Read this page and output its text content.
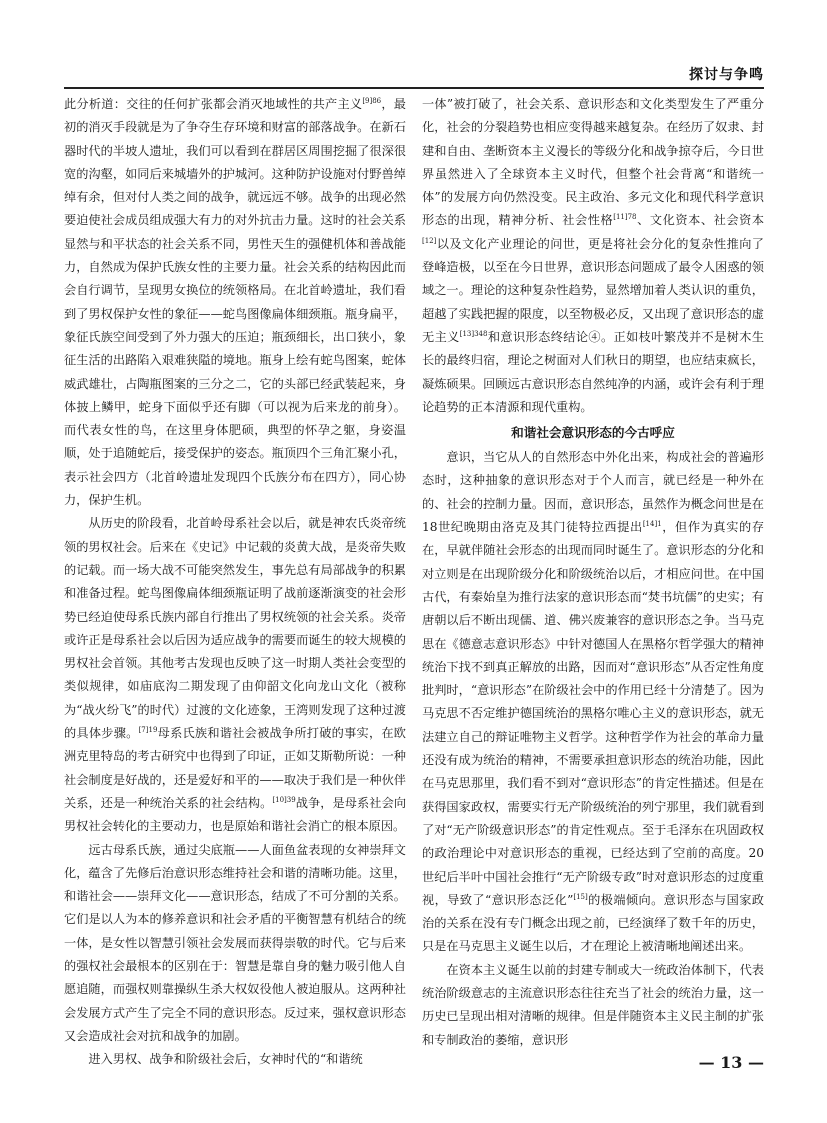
探讨与争鸣

此分析道：交往的任何扩张都会消灭地域性的共产主义$^{[9]86}$，最初的消灭手段就是为了争夺生存环境和财富的部落战争。在新石器时代的半坡人遗址，我们可以看到在群居区周围挖掘了很深很宽的沟壑，如同后来城墙外的护城河。这种防护设施对付野兽绰绰有余，但对付人类之间的战争，就远远不够。战争的出现必然要迫使社会成员组成强大有力的对外抗击力量。这时的社会关系显然与和平状态的社会关系不同，男性天生的强健机体和善战能力，自然成为保护氏族女性的主要力量。社会关系的结构因此而会自行调节，呈现男女换位的统领格局。在北首岭遗址，我们看到了男权保护女性的象征——蛇鸟图像扁体细颈瓶。瓶身扁平，象征氏族空间受到了外力强大的压迫；瓶颈细长，出口狭小，象征生活的出路陷入艰难狭隘的境地。瓶身上绘有蛇鸟图案，蛇体威武雄壮，占陶瓶图案的三分之二，它的头部已经武装起来，身体披上鳞甲，蛇身下面似乎还有脚（可以视为后来龙的前身）。而代表女性的鸟，在这里身体肥硕，典型的怀孕之躯，身姿温顺，处于追随蛇后，接受保护的姿态。瓶顶四个三角汇聚小孔，表示社会四方（北首岭遗址发现四个氏族分布在四方），同心协力，保护生机。

从历史的阶段看，北首岭母系社会以后，就是神农氏炎帝统领的男权社会。后来在《史记》中记载的炎黄大战，是炎帝失败的记载。而一场大战不可能突然发生，事先总有局部战争的积累和准备过程。蛇鸟图像扁体细颈瓶证明了战前逐渐演变的社会形势已经迫使母系氏族内部自行推出了男权统领的社会关系。炎帝或许正是母系社会以后因为适应战争的需要而诞生的较大规模的男权社会首领。其他考古发现也反映了这一时期人类社会变型的类似规律，如庙底沟二期发现了由仰韶文化向龙山文化（被称为“战火纷飞”的时代）过渡的文化迹象，王湾则发现了这种过渡的具体步骤。$^{[7]19}$母系氏族和谐社会被战争所打破的事实，在欧洲克里特岛的考古研究中也得到了印证，正如艾斯勒所说：一种社会制度是好战的，还是爱好和平的——取决于我们是一种伙伴关系，还是一种统治关系的社会结构。$^{[10]39}$战争，是母系社会向男权社会转化的主要动力，也是原始和谐社会消亡的根本原因。

远古母系氏族，通过尖底瓶——人面鱼盆表现的女神崇拜文化，蕴含了先修后治意识形态维持社会和谐的清晰功能。这里，和谐社会——崇拜文化——意识形态，结成了不可分割的关系。它们是以人为本的修养意识和社会矛盾的平衡智慧有机结合的统一体，是女性以智慧引领社会发展而获得崇敬的时代。它与后来的强权社会最根本的区别在于：智慧是靠自身的魅力吸引他人自愿追随，而强权则靠操纵生杀大权奴役他人被迫服从。这两种社会发展方式产生了完全不同的意识形态。反过来，强权意识形态又会造成社会对抗和战争的加剧。

进入男权、战争和阶级社会后，女神时代的“和谐统

一体”被打破了，社会关系、意识形态和文化类型发生了严重分化，社会的分裂趋势也相应变得越来越复杂。在经历了奴隶、封建和自由、垄断资本主义漫长的等级分化和战争掠夺后，今日世界虽然进入了全球资本主义时代，但整个社会背离“和谐统一体”的发展方向仍然没变。民主政治、多元文化和现代科学意识形态的出现，精神分析、社会性格$^{[11]78}$、文化资本、社会资本[12]以及文化产业理论的问世，更是将社会分化的复杂性推向了登峰造极，以至在今日世界，意识形态问题成了最令人困惑的领域之一。理论的这种复杂性趋势，显然增加着人类认识的重负，超越了实践把握的限度，以至物极必反，又出现了意识形态的虚无主义$^{[13]348}$和意识形态终结论④。正如枝叶繁茂并不是树木生长的最终归宿，理论之树面对人们秋日的期望，也应结束疯长，凝炼硕果。回顾远古意识形态自然纯净的内涵，或许会有利于理论趋势的正本清源和现代重构。

和谐社会意识形态的今古呼应

意识，当它从人的自然形态中外化出来，构成社会的普遍形态时，这种抽象的意识形态对于个人而言，就已经是一种外在的、社会的控制力量。因而，意识形态，虽然作为概念问世是在18世纪晚期由洛克及其门徒特拉西提出$^{[14]1}$，但作为真实的存在，早就伴随社会形态的出现而同时诞生了。意识形态的分化和对立则是在出现阶级分化和阶级统治以后，才相应问世。在中国古代，有秦始皇为推行法家的意识形态而“焚书坑儒”的史实；有唐朝以后不断出现儒、道、佛兴废兼容的意识形态之争。当马克思在《德意志意识形态》中针对德国人在黑格尔哲学强大的精神统治下找不到真正解放的出路，因而对“意识形态”从否定性角度批判时，“意识形态”在阶级社会中的作用已经十分清楚了。因为马克思不否定维护德国统治的黑格尔唯心主义的意识形态，就无法建立自己的辩证唯物主义哲学。这种哲学作为社会的革命力量还没有成为统治的精神，不需要承担意识形态的统治功能，因此在马克思那里，我们看不到对“意识形态”的肯定性描述。但是在获得国家政权，需要实行无产阶级统治的列宁那里，我们就看到了对“无产阶级意识形态”的肯定性观点。至于毛泽东在巩固政权的政治理论中对意识形态的重视，已经达到了空前的高度。20世纪后半叶中国社会推行“无产阶级专政”时对意识形态的过度重视，导致了“意识形态泛化”[15]的极端倾向。意识形态与国家政治的关系在没有专门概念出现之前，已经演绎了数千年的历史，只是在马克思主义诞生以后，才在理论上被清晰地阐述出来。

在资本主义诞生以前的封建专制或大一统政治体制下，代表统治阶级意志的主流意识形态往往充当了社会的统治力量，这一历史已呈现出相对清晰的规律。但是伴随资本主义民主制的扩张和专制政治的萎缩，意识形

— 13 —
